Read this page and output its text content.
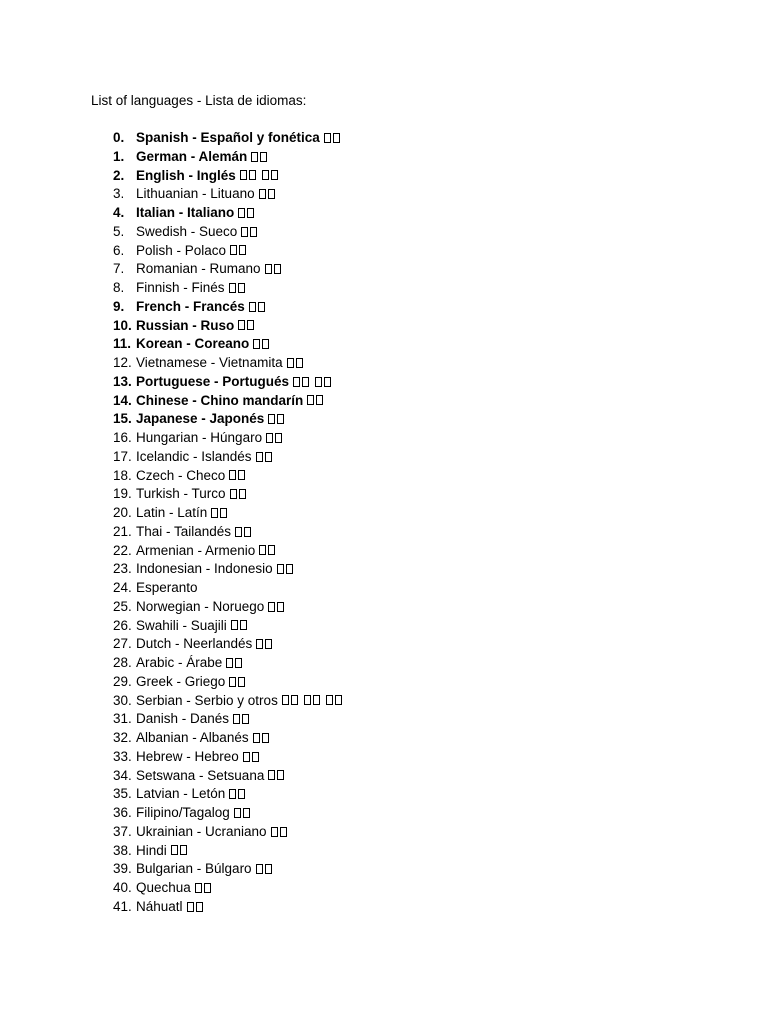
List of languages - Lista de idiomas:
0. Spanish - Español y fonética
1. German - Alemán
2. English - Inglés
3. Lithuanian - Lituano
4. Italian - Italiano
5. Swedish - Sueco
6. Polish - Polaco
7. Romanian - Rumano
8. Finnish - Finés
9. French - Francés
10. Russian - Ruso
11. Korean - Coreano
12. Vietnamese - Vietnamita
13. Portuguese - Portugués
14. Chinese - Chino mandarín
15. Japanese - Japonés
16. Hungarian - Húngaro
17. Icelandic - Islandés
18. Czech - Checo
19. Turkish - Turco
20. Latin - Latín
21. Thai - Tailandés
22. Armenian - Armenio
23. Indonesian - Indonesio
24. Esperanto
25. Norwegian - Noruego
26. Swahili - Suajili
27. Dutch - Neerlandés
28. Arabic - Árabe
29. Greek - Griego
30. Serbian - Serbio y otros
31. Danish - Danés
32. Albanian - Albanés
33. Hebrew - Hebreo
34. Setswana - Setsuana
35. Latvian - Letón
36. Filipino/Tagalog
37. Ukrainian - Ucraniano
38. Hindi
39. Bulgarian - Búlgaro
40. Quechua
41. Náhuatl
